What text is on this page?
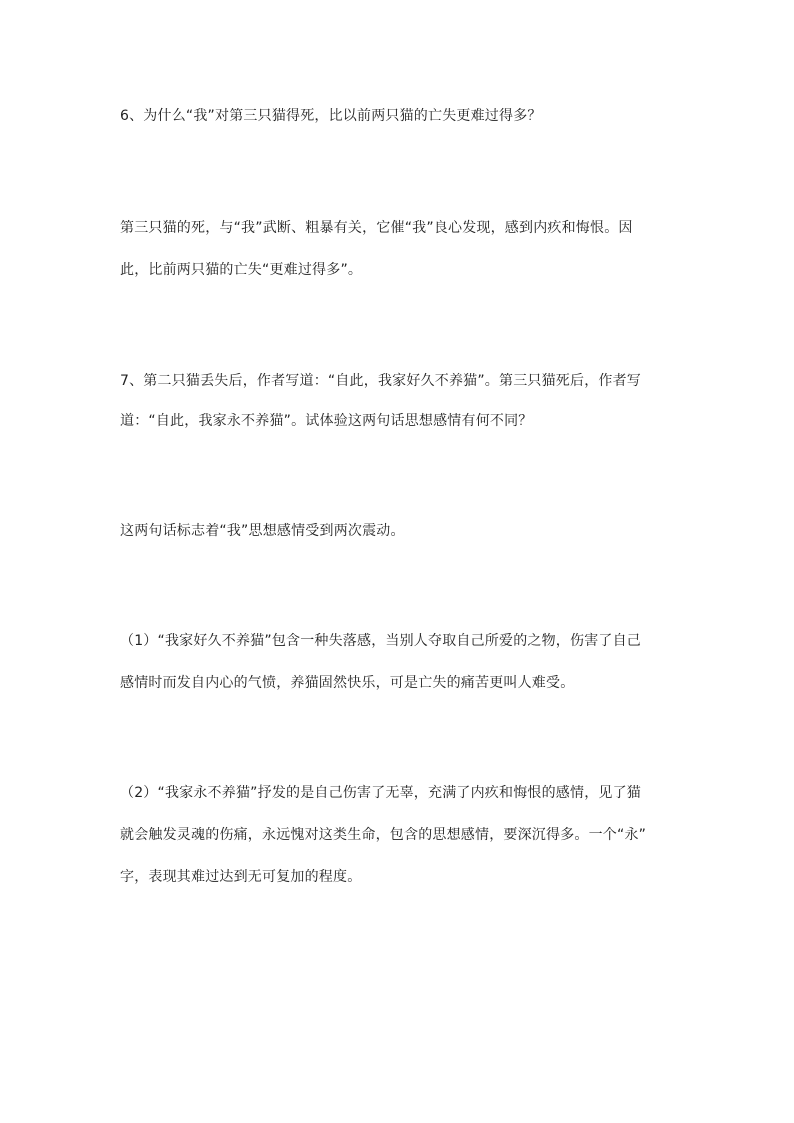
6、为什么“我”对第三只猫得死，比以前两只猫的亡失更难过得多？
第三只猫的死，与“我”武断、粗暴有关，它催“我”良心发现，感到内疚和悔恨。因
此，比前两只猫的亡失“更难过得多”。
7、第二只猫丢失后，作者写道：“自此，我家好久不养猫”。第三只猫死后，作者写
道：“自此，我家永不养猫”。试体验这两句话思想感情有何不同？
这两句话标志着“我”思想感情受到两次震动。
（1）“我家好久不养猫”包含一种失落感，当别人夺取自己所爱的之物，伤害了自己
感情时而发自内心的气愤，养猫固然快乐，可是亡失的痛苦更叫人难受。
（2）“我家永不养猫”抒发的是自己伤害了无辜，充满了内疚和悔恨的感情，见了猫
就会触发灵魂的伤痛，永远愧对这类生命，包含的思想感情，要深沉得多。一个“永”
字，表现其难过达到无可复加的程度。
